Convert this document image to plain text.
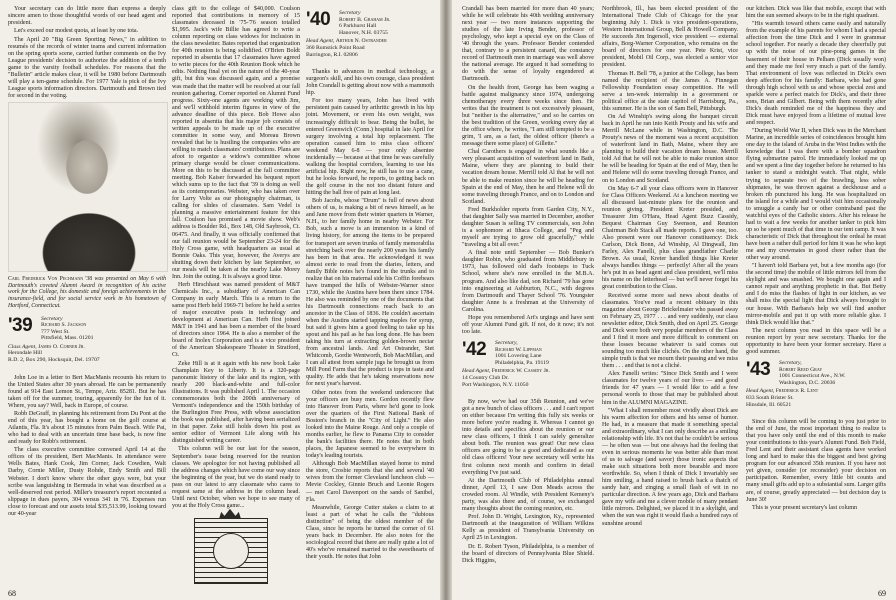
Your secretary can do little more than express a deeply sincere amen to those thoughtful words of our head agent and president.

Let's exceed our modest quota, at least by one tota.

The April 20 "Big Green Sporting News," in addition to resumés of the records of winter teams and current information on the spring sports scene, carried further comments on the Ivy League presidents' decision to authorize the addition of a tenth game to the varsity football schedules. For reasons that the "Bulletin" article makes clear, it will be 1980 before Dartmouth will play a ten-game schedule. For 1977 Yale is pick of the Ivy League sports information directors. Dartmouth and Brown tied for second in the voting.

Carl Frederick Von Pechmann '38 was presented on May 6 with Dartmouth's coveted Alumni Award in recognition of his active work for the College, his domestic and foreign achievements in the insurance-field, and for social service work in his hometown of Hartford, Connecticut.
'39 Secretary
Richard S. Jackson
777 West St.
Pittsfield, Mass. 01201
Class Agent, James O. Corner Jr.
Herondale Hill
R.D. 2, Box 290, Hocksquit, Del. 19707

John Loe in a letter to Bert MacManis recounts his return to the United States after 30 years abroad. He can be permanently found at 914 East Lemon St., Tempe, Ariz. 85281. But he has taken off for the summer, touring, apparently for the fun of it. Where, you say? Well, back in Europe, of course.

Robb DeGraff, in planning his retirement from Du Pont at the end of this year, has bought a home on the golf course at Atlantis, Fla. It's about 15 minutes from Palm Beach. Wife Pat, who had to deal with an uncertain time base back, is now fine and ready for Robb's retirement.

The class executive committee convened April 14 at the offices of its president, Bert MacManis. In attendance were Wells Bates, Hank Cook, Jim Corner, Jack Cowdien, Walt Darby, Cornie Miller, Dusty Rohde, Endy Smith and Bill Webster. I don't know where the other guys were, but your scribe was languishing in Bermuda in what was described as a well-deserved rest period. Miller's treasurer's report recounted a slippage in dues payers, 304 versus 341 in '76. Expenses run close to forecast and our assets total $35,513.99, looking toward our 40-year

class gift to the college of $40,000. Coulson reported that contributions in memory of 15 classmates deceased in '75-'76 season totalled $1,995. Jack's wife Billie has agreed to write a column reporting on class widows for inclusion in the class newsletter. Bates reported that organization for 40th reunion is being solidified. O'Brien Boldt reported in absentia that 17 classmates have agreed to write pieces for the 40th Reunion Book which he edits. Nothing final yet on the nature of the 40-year gift, but this was discussed again, and a promise was made that the matter will be resolved at our fall reunion gathering. Corner reported on Alumni Fund progress. Sixty-one agents are working with Jim, and we'll withhold interim figures in view of the advance deadline of this piece. Bob Howe also reported in absentia that his major job consists of written appeals to be made up of the executive committee in some way, and Moreau Brown revealed that he is hustling the companies who are willing to match classmates' contributions. Plans are afoot to organize a widow's committee whose primary charge would be closer communications. More on this to be discussed at the fall committee meeting. Bob Kaiser forwarded his bequest report which sums up to the fact that '39 is doing as well as its contemporaries. Webster, who has taken over for Larry Volte as our photography chairman, is calling for slides of classmates. Sam Vedel is planning a massive entertainment feature for this fall. Coulson has promised a movie show. Web's address is Boulder Rd., Box 148, Old Saybrook, Ct. 06475. And finally, it was officially confirmed that our fall reunion would be September 23-24 for the Holy Cross game, with headquarters as usual at Bonnie Oaks. This year, however, the Averys are shutting down their kitchen by late September, so our meals will be taken at the nearby Lake Morey Inn. Join the outing. It is always a good time.

Herb Hirschhaut was named president of M&T Chemicals Inc., a subsidiary of American Can Company in early March. This is a return to the same post Herb held 1969-71 before he held a series of major executive posts in technology and development at American Can. Herb first joined M&T in 1941 and has been a member of the board of directors since 1964. He is also a member of the board of Inolex Corporation and is a vice president of the American Shakespeare Theater in Stratford, Ct.

Zeke Hill is at it again with his new book Lake Champlain Key to Liberty. It is a 320-page panoramic history of the lake and its region, with nearly 200 black-and-white and full-color illustrations. It was published April 1. The occasion commemorates both the 200th anniversary of Vermont's independence and the 150th birthday of the Burlington Free Press, with whose association the book was published, after having been serialized in that paper. Zeke still holds down his post as senior editor of Vermont Life along with his distinguished writing career.

This column will be our last for the season, September's issue being reserved for the reunion classes. We apologize for not having published all the address changes which have come our way since the beginning of the year, but we do stand ready to pass on our latest to any classmate who cares to request same at the address in the column head. Until next October, when we hope to see many of you at the Holy Cross game...

'40 Secretary
Robert B. Graham Jr.
6 Parkhurst Hall
Hanover, N.H. 03755
Head Agent, Arthur N. Ostrander
360 Rumstick Point Road
Barrington, R.I. 02806

Thanks to advances in medical technology, a surgeon's skill, and his own courage, class president John Crandall is getting about now with a mammoth hip.

For too many years, John has lived with persistent pain caused by arthritic growth in his hip joint. Movement, or even his own weight, was increasingly difficult to bear. Being the bullet, he entered Greenwich (Conn.) hospital in late April for surgery involving a total hip replacement. The operation caused him to miss class officers' weekend May 6-8 — your only absentee incidentally — because at that time he was carefully walking the hospital corridors, learning to use his artificial hip. Right now, he still has to use a cane, but he looks forward, he reports, to getting back on the golf course in the not too distant future and hitting the ball free of pain at long last.

Bob Jacobs, whose "Drum" is full of news about others of us, is making a bit of news himself, as he and Jane move from their winter quarters in Warner, N.H., to her family home in nearby Webster. For Bob, such a move is an immersion in a kind of living history, for among the items to be prepared for transport are seven trunks of family memorabilia stretching back over the nearly 200 years his family has been in that area. He acknowledged it was almost eerie to read from the diaries, letters, and family Bible notes he's found in the trunks and to realize that on his maternal side his Coffin forebears have tramped the hills of Webster-Warner since 1730, while the Austins have been there since 1784. He also was reminded by one of the documents that his Dartmouth connections reach back to an ancestor in the Class of 1836. He couldn't ascertain when the Austins started tapping maples for syrup, but said it gives him a good feeling to take up his spout and his pail as he has long done. He has been taking his turn at extracting golden-brown nectar from ancestral lands. And Art Ostrander, Stet Whitcomb, Gordie Wentworth, Bob MacMillan, and I can all attest from sample jugs he brought us from Mill Pond Farm that the product is tops in taste and quality. He adds that he's taking reservations now for next year's harvest.

Other notes from the weekend underscore that your officers are busy men. Gordon recently flew into Hanover from Paris, where he'd gone to look over the quarters of the First National Bank of Boston's branch in the "City of Light." He also looked into the Maine Rouge. And only a couple of months earlier, he flew to Panama City to consider the bank's facilities there. He notes that in both places, the Japanese seemed to be everywhere in today's leading tourists.

Although Bob MacMillan stayed home to mind the store, Crosbie reports that she and several '40 wives from the former Cleveland luncheon club — Mevie Cockley, Ginnie Bruch and Leonie Rogers — met Carol Davenport on the sands of Sanibel, Fla.

Meanwhile, George Cutter stakes a claim to at least a part of what he calls the "dubious distinction" of being the oldest member of the Class, since he reports he turned the corner of 61 years back in December. He also notes for the sociological record that there are really quite a lot of 40's who've remained married to the sweethearts of their youth. He notes that John

68

Crandall has been married for more than 40 years; while he will celebrate his 40th wedding anniversary next year — two more instances supporting the studies of the late Irving Bender, professor of psychology, who kept a special eye on the Class of '40 through the years. Professor Bender contended that, contrary to a persistent canard, the constancy record of Dartmouth men in marriage was well above the national average. He argued it had something to do with the sense of loyalty engendered at Dartmouth.

On the health front, George has been waging a battle against malignancy since 1974, undergoing chemotherapy every three weeks since then. He writes that the treatment is not excessively pleasant, but "neither is the alternative," and so he carries on the best tradition of the Green, working every day at the office where, he writes, "I am still tempted to be a grim, 'I am, as a fact, the oldest officer (there's a message there some place) of Gillette."

Chal Carothers is engaged in what sounds like a very pleasant acquisition of waterfront land in Bath, Maine, where they are planning to build their vacation dream house. Merrill told Al that he will not be able to make reunion since he will be heading for Spain at the end of May, then he and Helene will do some traveling through France, and on to London and Scotland.

Fred Burkholder reports from Garden City, N.Y., that daughter Sally was married in December, another daughter Susan is selling TV commercials, son John is a sophomore at Ithaca College, and "Peg and myself are trying to grow old gracefully," while "traveling a bit all over."

A final note until September — Bob Bunker's daughter Robin, who graduated from Middlebury in 1973, has followed old dad's footsteps to Tuck School, where she's now enrolled in the M.B.A. program. And also like dad, son Richard '79 has gone into engineering at Ashburton, N.C., with degrees from Dartmouth and Thayer School '76. Youngster daughter Anne is a freshman at the University of Carolina.

Hope you remembered Art's urgings and have sent off your Alumni Fund gift. If not, do it now; it's not too late.

'42 Secretary,
Richard W. Lippman
1001 Lovering Lane
Philadelphia, Pa. 19119
Head Agent, Frederick W. Cassidy Jr.
14 Country Club Dr.
Port Washington, N.Y. 11050

By now, we've had our 35th Reunion, and we've got a new bunch of class officers . . . and I can't report on either because I'm writing this fully six weeks or more before you're reading it. Whereas I cannot go into details and specifics about the reunion or our new class officers, I think I can safely generalize about both. The reunion was great! Our new class officers are going to be a good and dedicated as our old class officers! Your new secretary will write his first column next month and confirm in detail everything I've just said.

At the Dartmouth Club of Philadelphia annual dinner, April 13, I saw Don Meads across the crowded room. Al Windle, with President Kemeny's party, was also there and, of course, we exchanged many thoughts about the coming reunion, etc.

Prof. John D. Wright, Lexington, Ky., represented Dartmouth at the inauguration of William Wilkins Kelly as president of Transylvania University on April 25 in Lexington.

Dr. E. Robert Tyson, Philadelphia, is a member of the board of directors of Pennsylvania Blue Shield. Dick Higgins,

Northbrook, Ill., has been elected president of the International Trade Club of Chicago for the year beginning July 1. Dick is vice president-operations, Western International Group, Bell & Howell Company. He succeeds Jim Ingersoll, vice president — external affairs, Borg-Warner Corporation, who remains on the board of directors for one year. Pete Krist, vice president, Mobil Oil Corp., was elected a senior vice president.

Thomas H. Bell '78, a junior at the College, has been named the recipient of the James A. Finnegan Fellowship Foundation essay competition. He will serve a ten-week internship in a government or political office at the state capitol of Harrisburg, Pa., this summer. He is the son of Sam Bell, Pittsburgh.

On Ad Winship's swing along the banquet circuit back in April he ran into Keith Prouty and his wife and Merrill McLane while in Washington, D.C. The Prouty's news of the moment was a recent acquisition of waterfront land in Bath, Maine, where they are planning to build their vacation dream house. Merrill told Ad that he will not be able to make reunion since he will be heading for Spain at the end of May, then he and Helene will do some traveling through France, and on to London and Scotland.

On May 6-7 all your class officers were in Hanover for Class Officers Weekend. At a luncheon meeting we all discussed last-minute plans for the reunion and reunion giving. President Kreter presided, and Treasurer Jim O'Hara, Head Agent Buzz Cassidy, Bequest Chairman Guy Swenson, and Reunion Chairman Bob Stack all made reports. I gave one, too. Also present were our Hanover constituency: Dick Carlson, Dick Bonn, Ad Winship, Al Dingwall, Jim Farley, Alex Fanelli, plus class grandfather Charlie Brown. As usual, Kreter handled things like Kreter always handles things — perfectly! After all the years he's put in as head agent and class president, we'll miss his name on the letterhead — but we'll never forget his great contribution to the Class.

Received some more sad news about deaths of classmates. You've read a recent obituary in this magazine about George Brickelmaier who passed away on February 25, 1977 . . . and very suddenly, our class newsletter editor, Dick Smith, died on April 25. George and Dick were both very popular members of the Class and I find it more and more difficult to comment on these losses because whatever is said comes out sounding too much like clichés. On the other hand, the simple truth is that we mourn their passing and we miss them . . . and that is not a cliché.

Alex Fanelli writes: "Since Dick Smith and I were classmates for twelve years of our lives — and good friends for 47 years — I would like to add a few personal words to those that may be published about him in the ALUMNI MAGAZINE.

"What I shall remember most vividly about Dick are his warm affection for others and his sense of humor. He had, in a measure that made it something special and extraordinary, what I can only describe as a smiling relationship with life. It's not that he couldn't be serious — he often was — but one always had the feeling that even in serious moments he was better able than most of us to salvage (and savor) those ironic aspects that make such situations both more bearable and more worthwhile. So, when I think of Dick I invariably see him smiling, a hand raised to brush back a thatch of sandy hair, and zinging a small flash of wit in no particular direction. A few years ago, Dick and Barbara gave my wife and me a clever mobile of many pendant little mirrors. Delighted, we placed it in a skylight, and when the sun was right it would flash a hundred rays of sunshine around

our kitchen. Dick was like that mobile, except that with him the sun seemed always to be in the right quadrant.

"His warmth toward others came easily and naturally from the example of his parents for whom I had a special affection from the time Dick and I were in grammar school together. For nearly a decade they cheerfully put up with the noise of our pine-pong games in the basement of their house in Pelham (Dick usually won) and they made me feel very much a part of the family. That environment of love was reflected in Dick's own deep affection for his family: Barbara, who had gone through high school with us and whose special zest and sparkle were a perfect match for Dick's, and their three sons, Brian and Gilbert. Being with them recently after Dick's death reminded me of the happiness they and Dick must have enjoyed from a lifetime of mutual love and respect.

"During World War II, when Dick was in the Merchant Marine, an incredible series of coincidences brought him one day to the island of Aruba in the West Indies with the knowledge that I was there with a bomber squadron flying submarine patrol. He immediately looked me up and we spent a fine day together before he returned to his tanker to stand a midnight watch. That night, while trying to separate two of the brawling, less sober shipmates, he was thrown against a deckhouse and a broken rib punctured his lung. He was hospitalized on the island for a while and I would visit him occasionally to smuggle a candy bar or other contraband past the watchful eyes of the Catholic sisters. After his release he had to wait a few weeks for another tanker to pick him up so he spent much of that time in our tent camp. It was characteristic of Dick that throughout the ordeal he must have been a rather dull period for him it was he who kept me and my crewmates in good cheer rather than the other way around.

"I haven't told Barbara yet, but a few months ago (for the second time) the mobile of little mirrors fell from the skylight and was smashed. We bought one again and I cannot repair and anything prophetic in that. But Betty and I do miss the flashes of light in our kitchen, as we shall miss the special light that Dick always brought to our house. With Barbara's help we will find another mirror-mobile and put it up with more reliable glue. I think Dick would like that."

The next column you read in this space will be a reunion report by your new secretary. Thanks for the opportunity to have been your former secretary. Have a good summer.

'43 Secretary,
Robert Reed Gray
1001 Connecticut Ave., N.W.
Washington, D.C. 20036
Head Agent, Frederick R. Lent
833 South Brister St.
Hinsdale, Ill. 60521

Since this column will be coming to you just prior to the end of June, the most important thing to realize is that you have only until the end of this month to make your contributions to this year's Alumni Fund. Bob Field, Fred Lent and their assistant class agents have worked long and hard to make this the biggest and best giving program for our advanced 35th reunion. If you have not yet given, consider (or reconsider) your decision on participation. Remember, every little bit counts and many small gifts add up to a substantial sum. Larger gifts are, of course, greatly appreciated — but decision day is June 30!

This is your present secretary's last column

69
